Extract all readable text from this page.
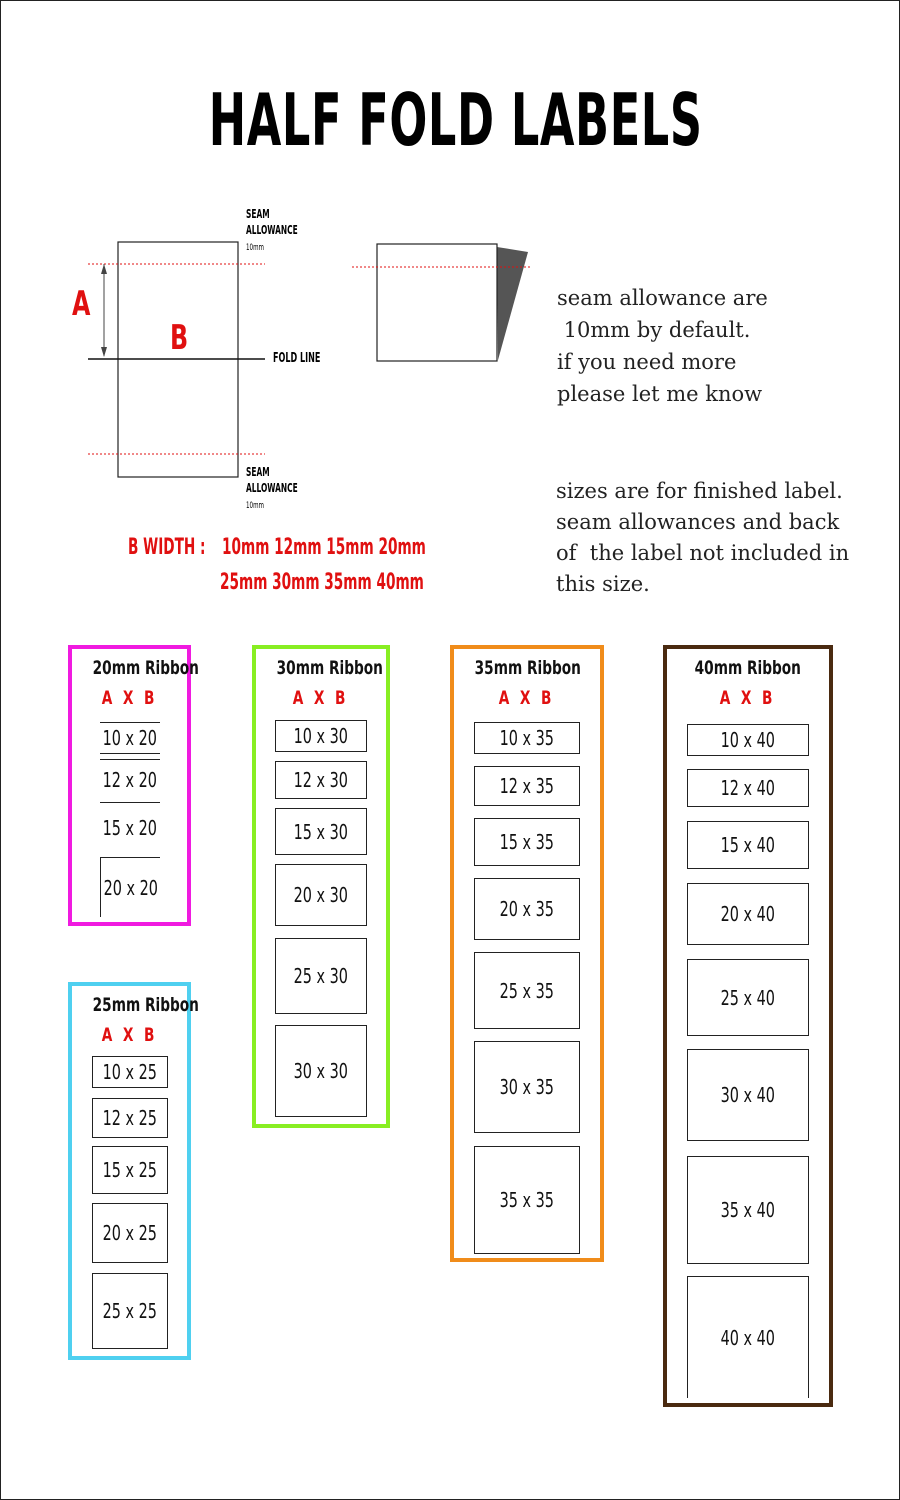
HALF FOLD LABELS
A
B
SEAM
ALLOWANCE
10mm
SEAM
ALLOWANCE
10mm
FOLD LINE
B WIDTH : 10mm 12mm 15mm 20mm
25mm 30mm 35mm 40mm
seam allowance are
10mm by default.
if you need more
please let me know
sizes are for finished label.
seam allowances and back
of  the label not included in
this size.
20mm Ribbon
A X B
10 x 20
12 x 20
15 x 20
20 x 20
25mm Ribbon
A X B
10 x 25
12 x 25
15 x 25
20 x 25
25 x 25
30mm Ribbon
A X B
10 x 30
12 x 30
15 x 30
20 x 30
25 x 30
30 x 30
35mm Ribbon
A X B
10 x 35
12 x 35
15 x 35
20 x 35
25 x 35
30 x 35
35 x 35
40mm Ribbon
A X B
10 x 40
12 x 40
15 x 40
20 x 40
25 x 40
30 x 40
35 x 40
40 x 40
